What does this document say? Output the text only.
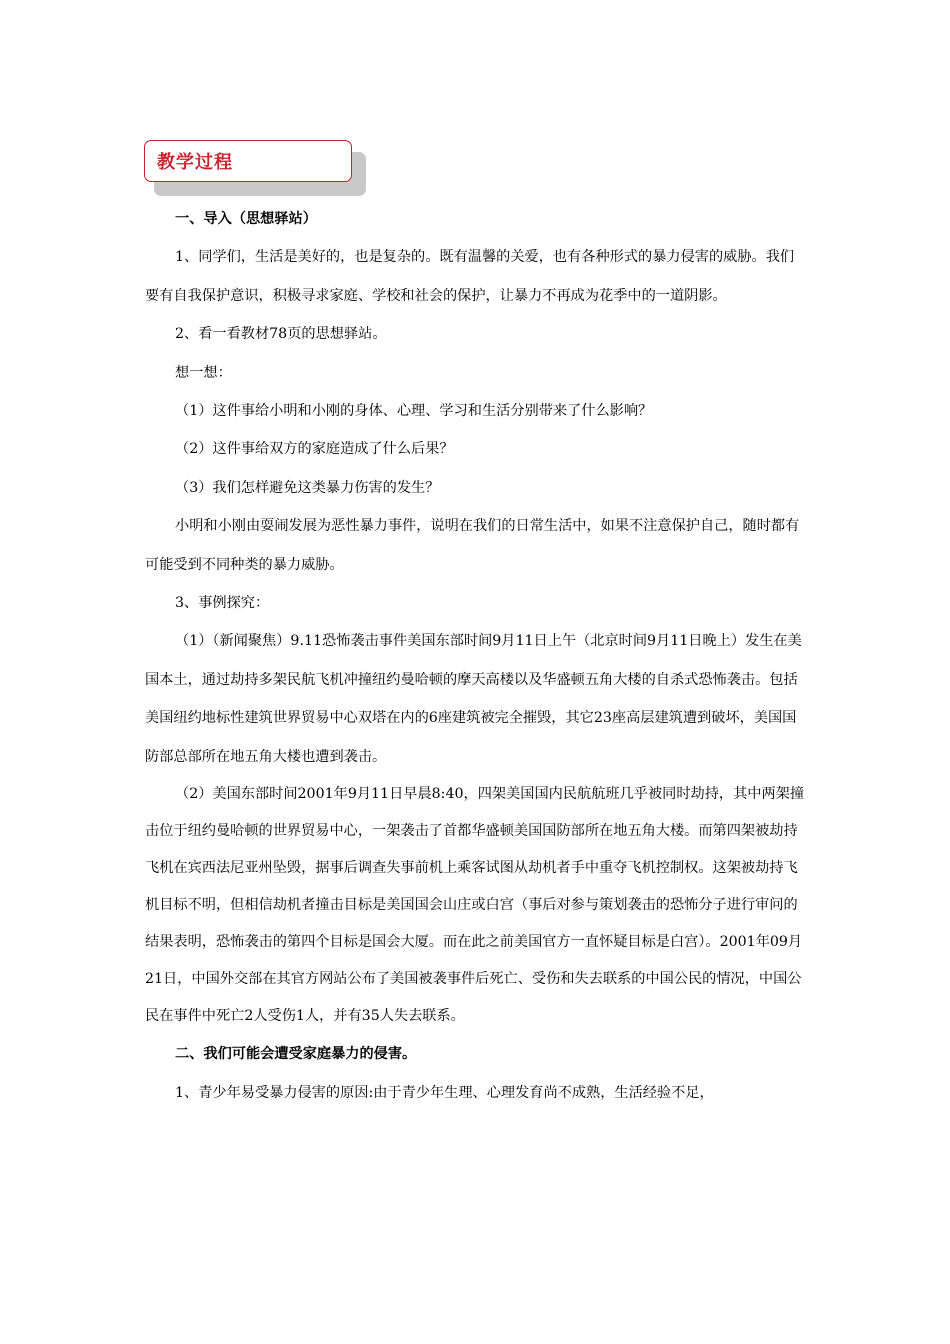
教学过程

一、导入（思想驿站）

1、同学们，生活是美好的，也是复杂的。既有温馨的关爱，也有各种形式的暴力侵害的威胁。我们要有自我保护意识，积极寻求家庭、学校和社会的保护，让暴力不再成为花季中的一道阴影。

2、看一看教材78页的思想驿站。

想一想：

（1）这件事给小明和小刚的身体、心理、学习和生活分别带来了什么影响？

（2）这件事给双方的家庭造成了什么后果？

（3）我们怎样避免这类暴力伤害的发生？

小明和小刚由耍闹发展为恶性暴力事件，说明在我们的日常生活中，如果不注意保护自己，随时都有可能受到不同种类的暴力威胁。

3、事例探究：

（1）（新闻聚焦）9.11恐怖袭击事件美国东部时间9月11日上午（北京时间9月11日晚上）发生在美国本土，通过劫持多架民航飞机冲撞纽约曼哈顿的摩天高楼以及华盛顿五角大楼的自杀式恐怖袭击。包括美国纽约地标性建筑世界贸易中心双塔在内的6座建筑被完全摧毁，其它23座高层建筑遭到破坏，美国国防部总部所在地五角大楼也遭到袭击。

（2）美国东部时间2001年9月11日早晨8:40，四架美国国内民航航班几乎被同时劫持，其中两架撞击位于纽约曼哈顿的世界贸易中心，一架袭击了首都华盛顿美国国防部所在地五角大楼。而第四架被劫持飞机在宾西法尼亚州坠毁，据事后调查失事前机上乘客试图从劫机者手中重夺飞机控制权。这架被劫持飞机目标不明，但相信劫机者撞击目标是美国国会山庄或白宫（事后对参与策划袭击的恐怖分子进行审问的结果表明，恐怖袭击的第四个目标是国会大厦。而在此之前美国官方一直怀疑目标是白宫）。2001年09月21日，中国外交部在其官方网站公布了美国被袭事件后死亡、受伤和失去联系的中国公民的情况，中国公民在事件中死亡2人受伤1人，并有35人失去联系。

二、我们可能会遭受家庭暴力的侵害。

1、青少年易受暴力侵害的原因:由于青少年生理、心理发育尚不成熟，生活经验不足，
